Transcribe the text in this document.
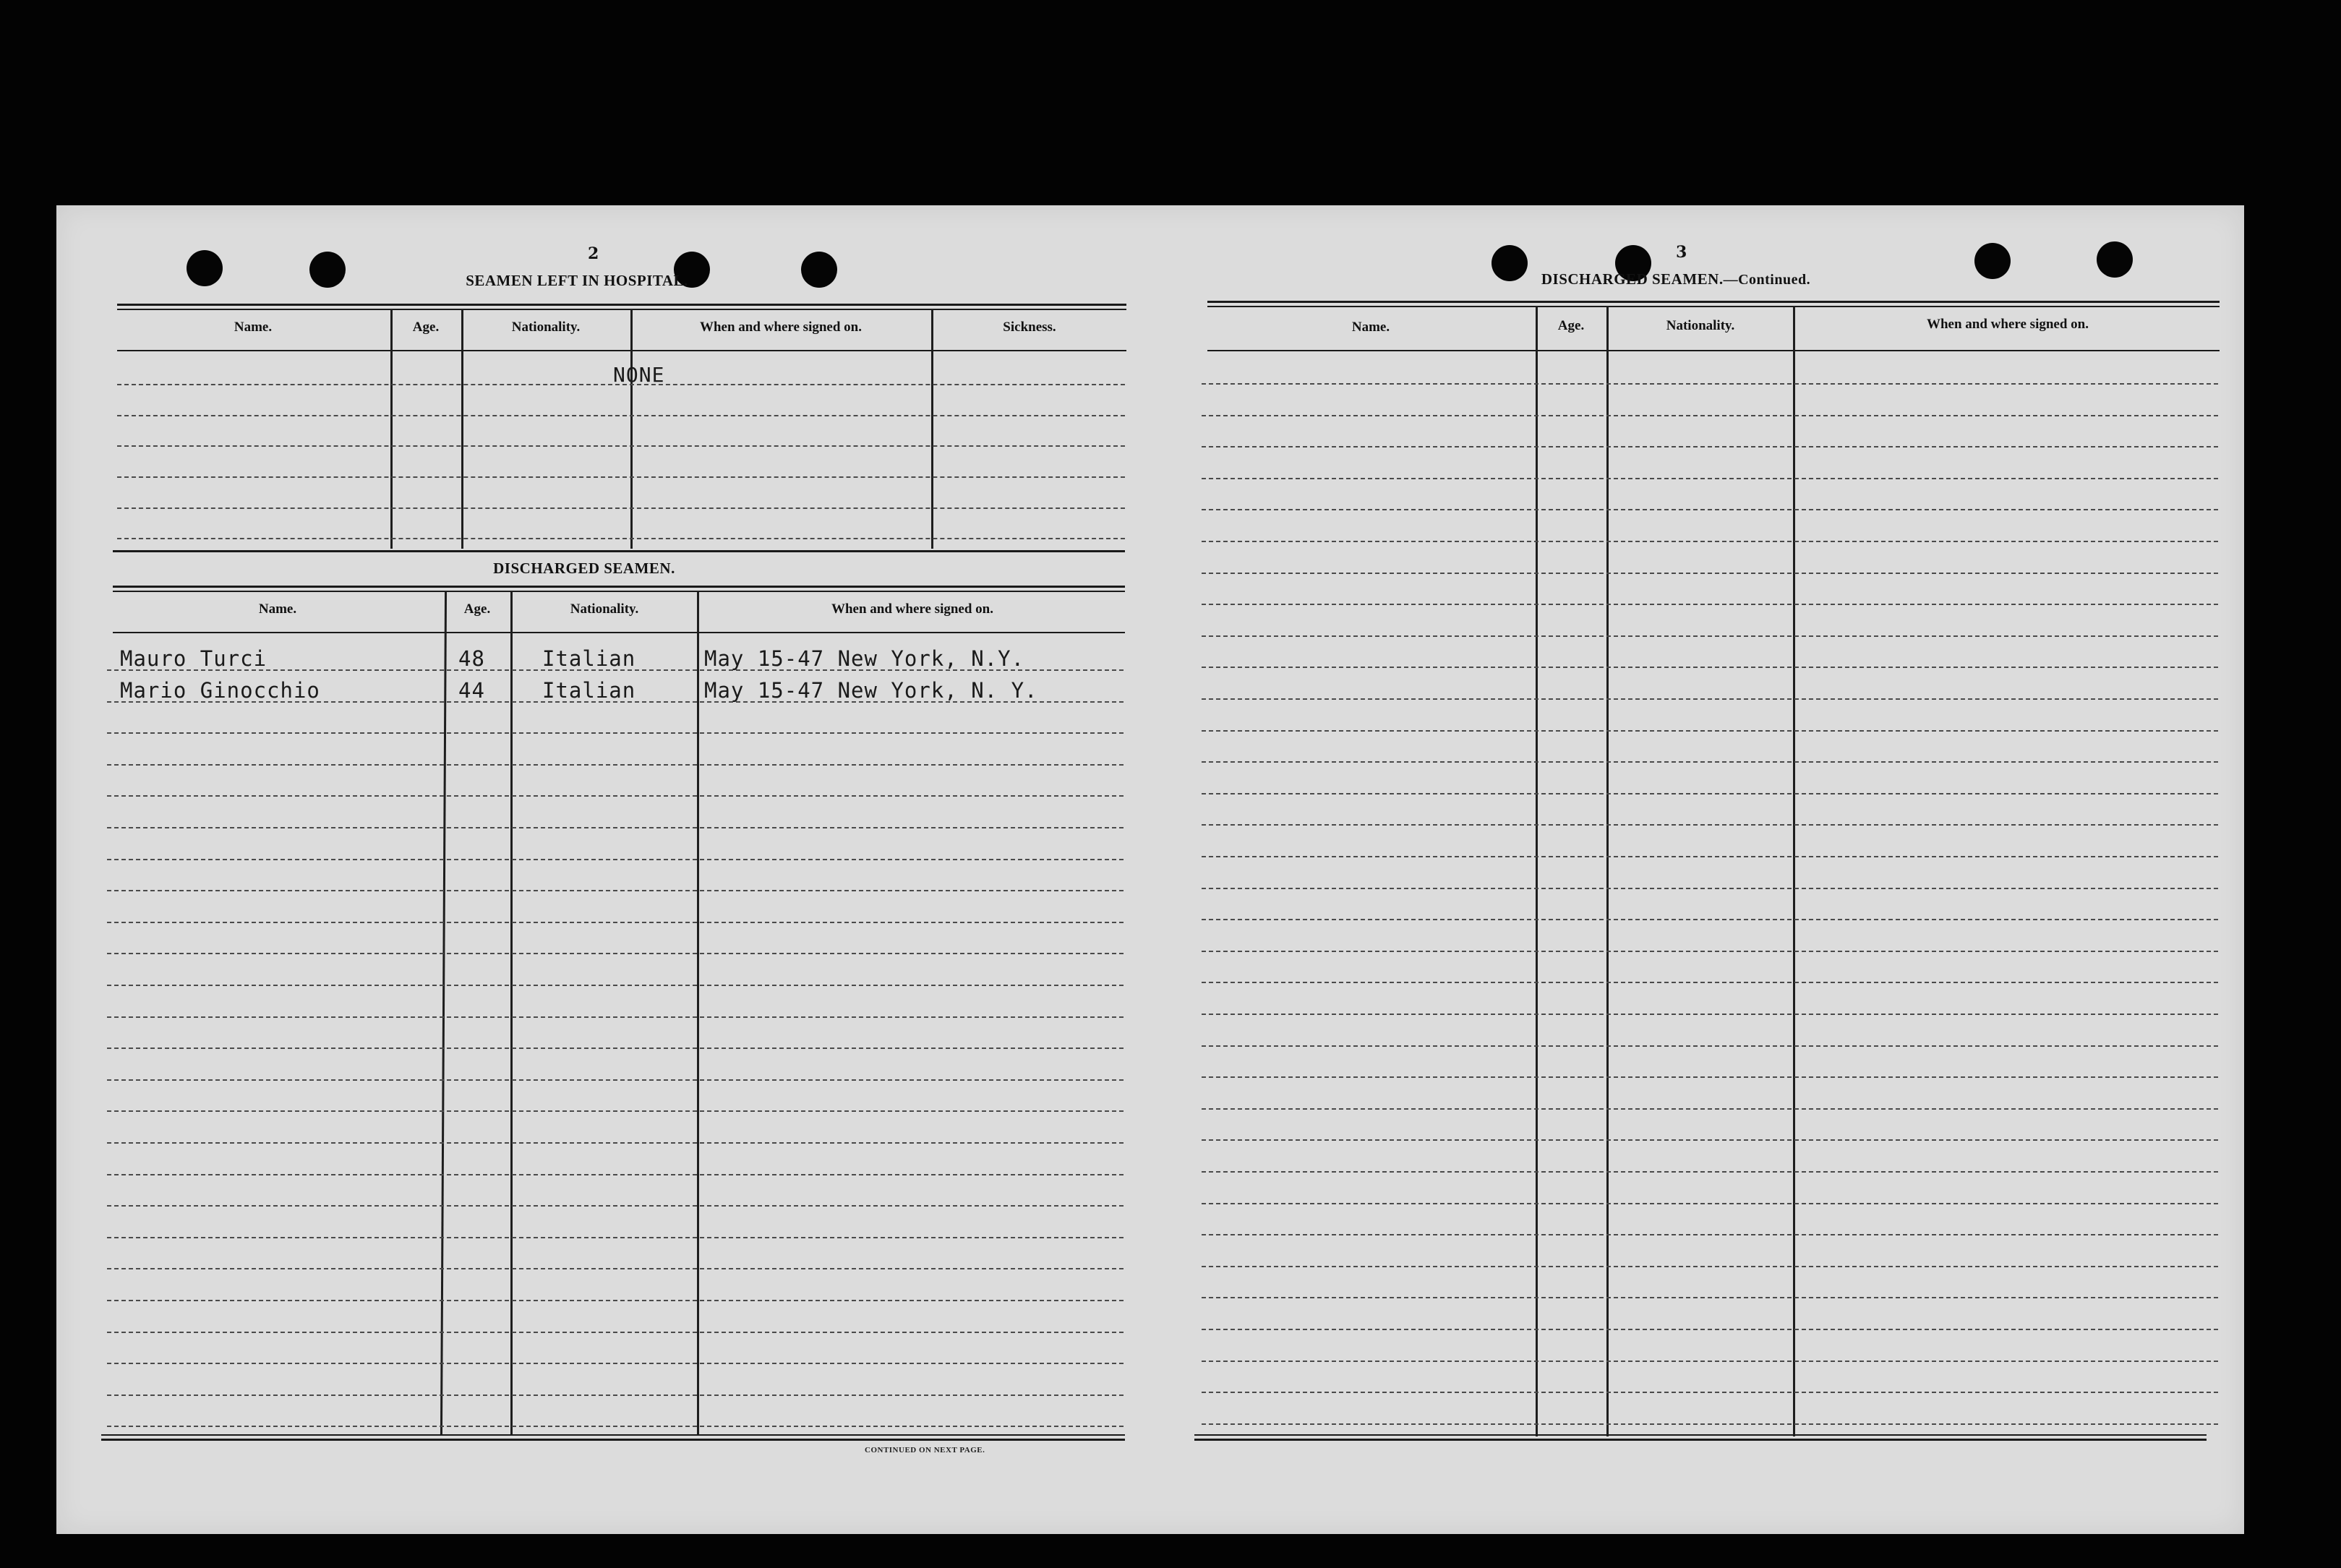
2
SEAMEN LEFT IN HOSPITAL.
Name.	Age.	Nationality.	When and where signed on.	Sickness.
NONE
DISCHARGED SEAMEN.
Name.	Age.	Nationality.	When and where signed on.
Mauro Turci	48	Italian	May 15-47 New York, N.Y.
Mario Ginocchio	44	Italian	May 15-47 New York, N. Y.
CONTINUED ON NEXT PAGE.
3
DISCHARGED SEAMEN.—Continued.
Name.	Age.	Nationality.	When and where signed on.
